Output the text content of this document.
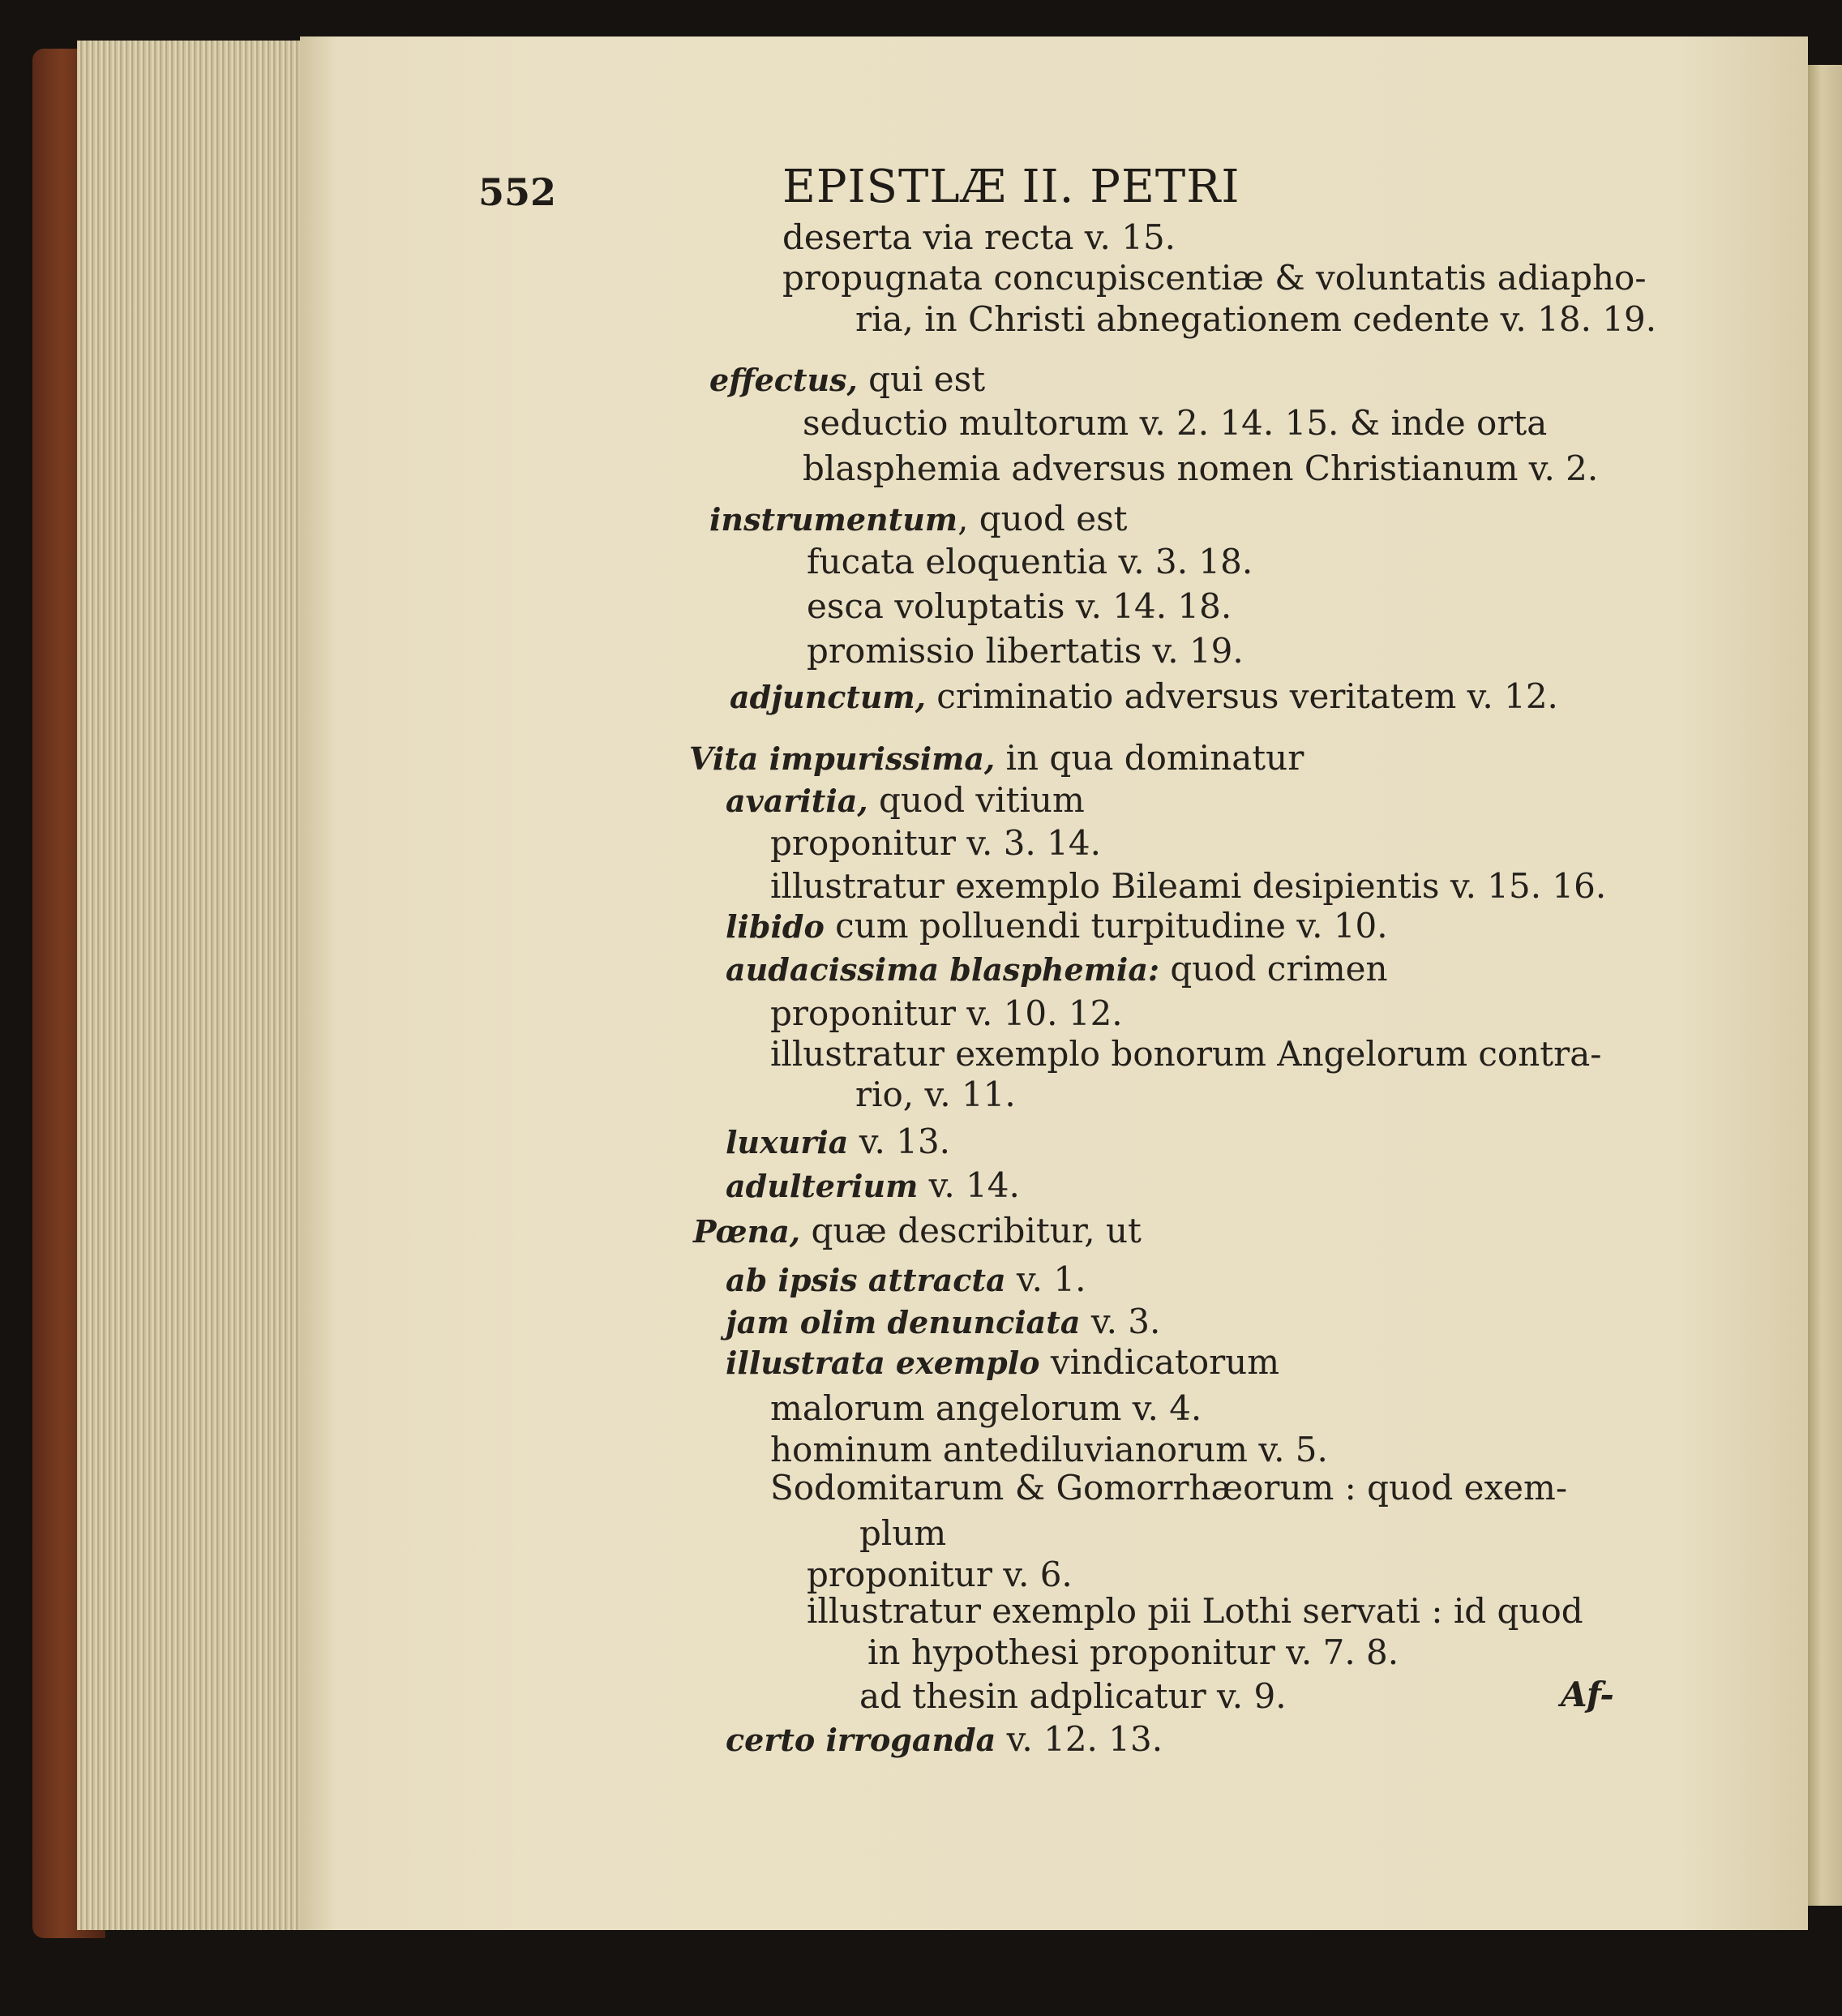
552	EPISTLÆ II. PETRI
deserta via recta v. 15.
propugnata concupiscentiæ & voluntatis adiapho-
ria, in Christi abnegationem cedente v. 18. 19.
effectus, qui est
seductio multorum v. 2. 14. 15. & inde orta
blasphemia adversus nomen Christianum v. 2.
instrumentum, quod est
fucata eloquentia v. 3. 18.
esca voluptatis v. 14. 18.
promissio libertatis v. 19.
adjunctum, criminatio adversus veritatem v. 12.
Vita impurissima, in qua dominatur
avaritia, quod vitium
proponitur v. 3. 14.
illustratur exemplo Bileami desipientis v. 15. 16.
libido cum polluendi turpitudine v. 10.
audacissima blasphemia: quod crimen
proponitur v. 10. 12.
illustratur exemplo bonorum Angelorum contra-
rio, v. 11.
luxuria v. 13.
adulterium v. 14.
Pœna, quæ describitur, ut
ab ipsis attracta v. 1.
jam olim denunciata v. 3.
illustrata exemplo vindicatorum
malorum angelorum v. 4.
hominum antediluvianorum v. 5.
Sodomitarum & Gomorrhæorum : quod exem-
plum
proponitur v. 6.
illustratur exemplo pii Lothi servati : id quod
in hypothesi proponitur v. 7. 8.
ad thesin adplicatur v. 9.
certo irroganda v. 12. 13.
Af-
